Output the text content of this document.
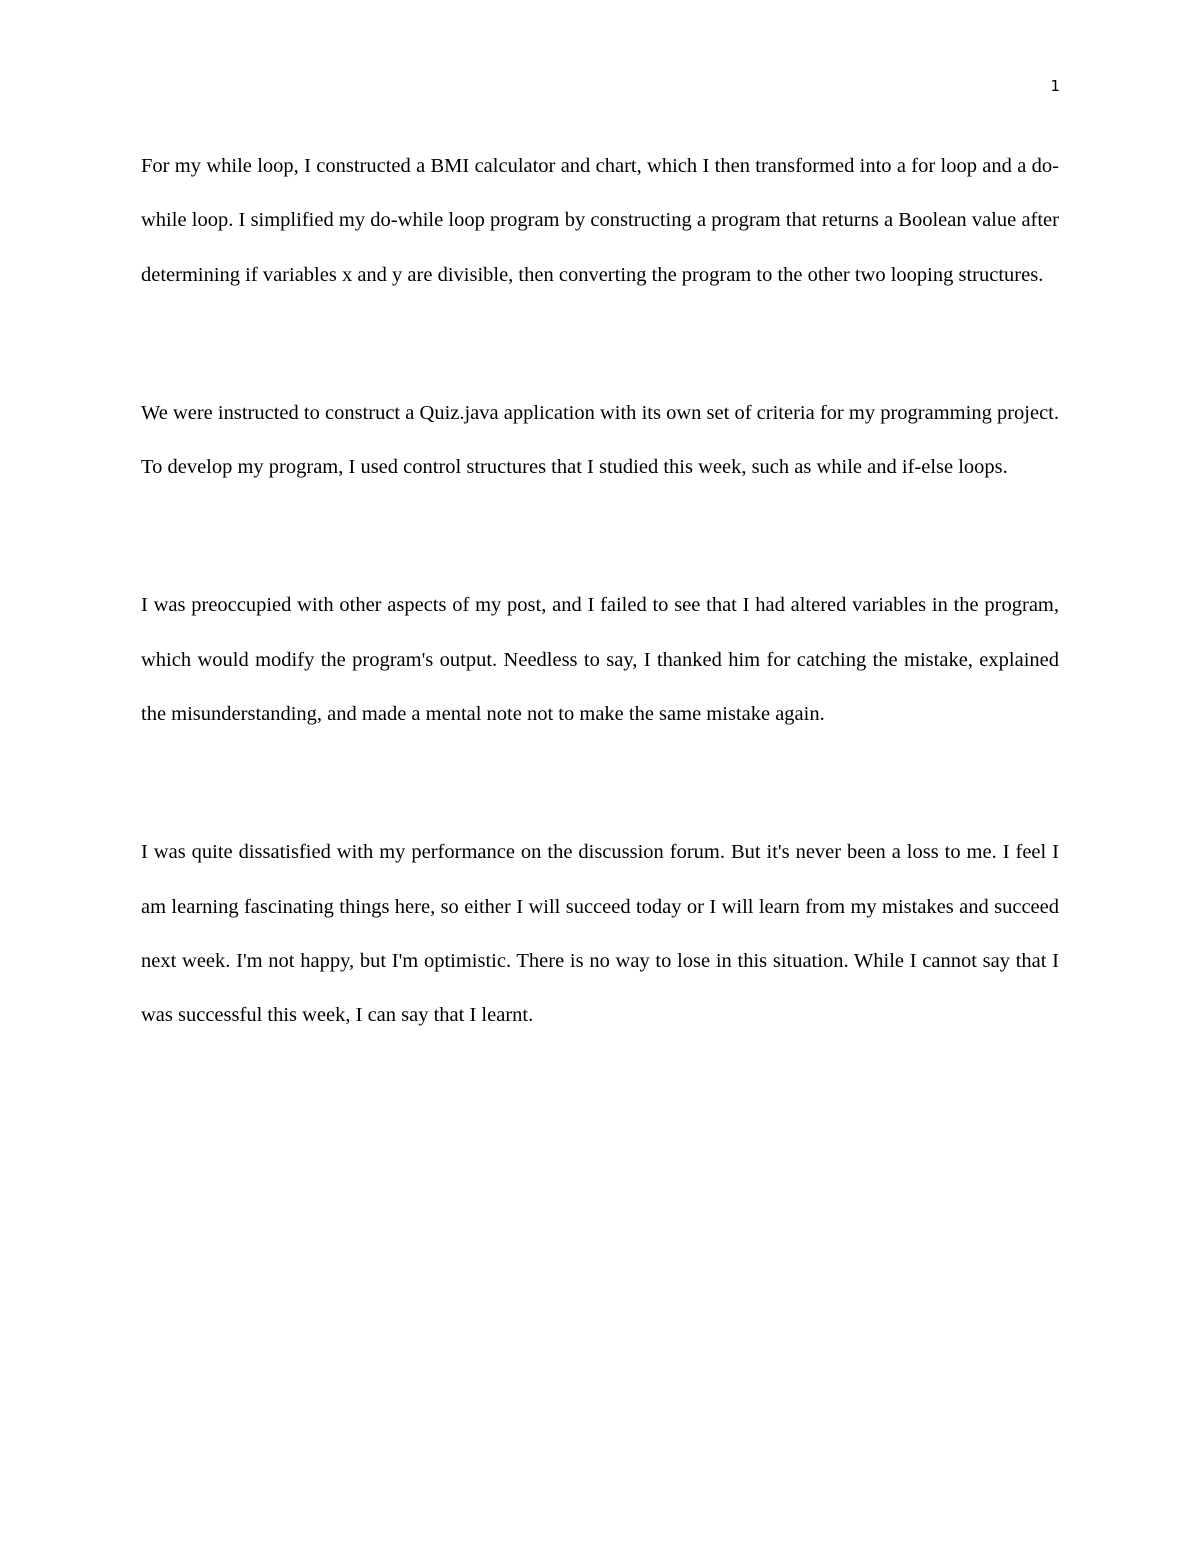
1

For my while loop, I constructed a BMI calculator and chart, which I then transformed into a for loop and a do-while loop. I simplified my do-while loop program by constructing a program that returns a Boolean value after determining if variables x and y are divisible, then converting the program to the other two looping structures.

We were instructed to construct a Quiz.java application with its own set of criteria for my programming project. To develop my program, I used control structures that I studied this week, such as while and if-else loops.

I was preoccupied with other aspects of my post, and I failed to see that I had altered variables in the program, which would modify the program's output. Needless to say, I thanked him for catching the mistake, explained the misunderstanding, and made a mental note not to make the same mistake again.

I was quite dissatisfied with my performance on the discussion forum. But it's never been a loss to me. I feel I am learning fascinating things here, so either I will succeed today or I will learn from my mistakes and succeed next week. I'm not happy, but I'm optimistic. There is no way to lose in this situation. While I cannot say that I was successful this week, I can say that I learnt.
